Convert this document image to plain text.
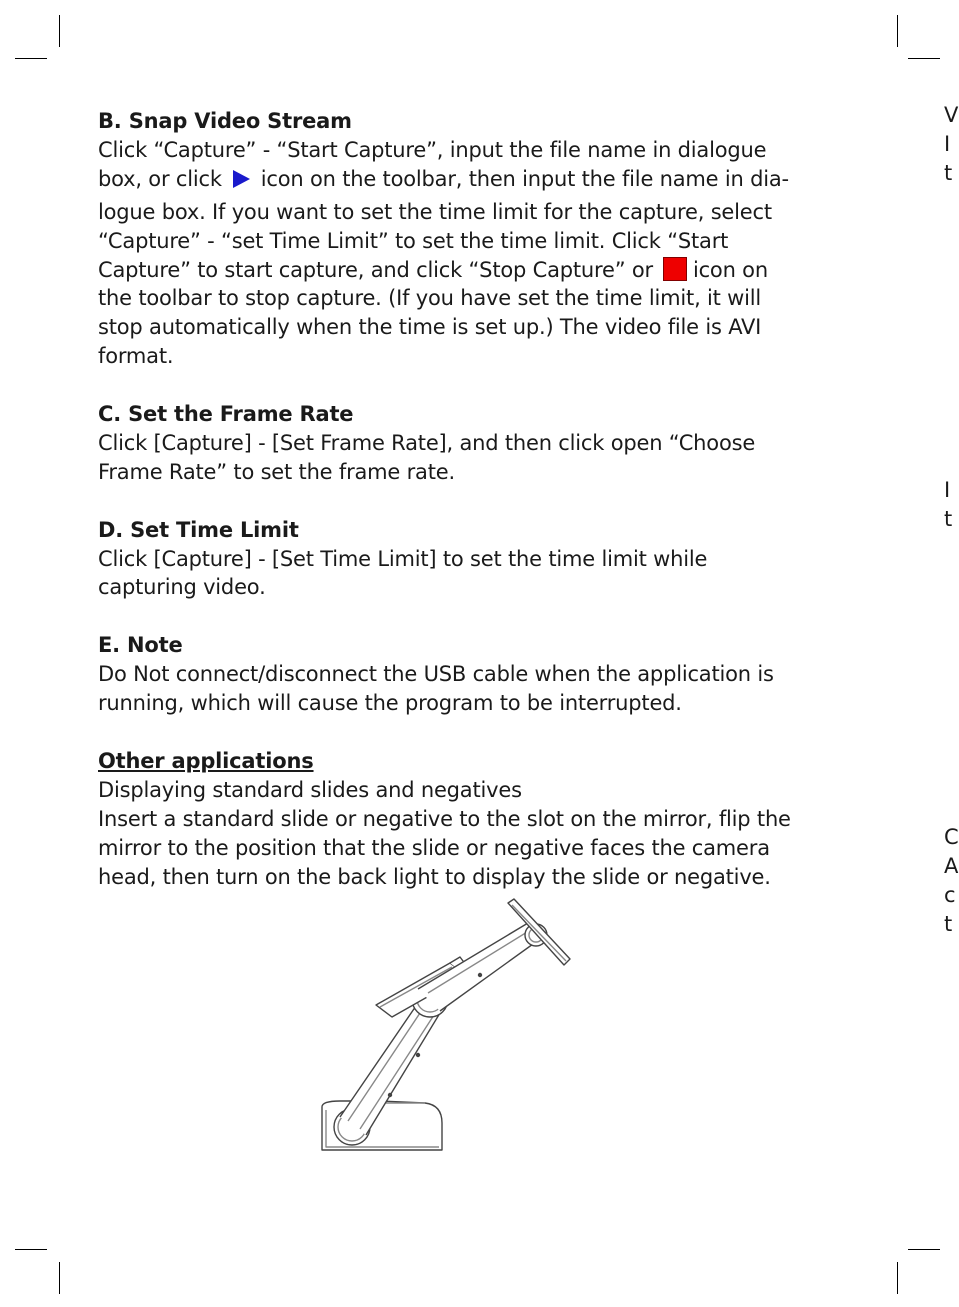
B. Snap Video Stream

Click “Capture” - “Start Capture”, input the file name in dialogue

box, or click icon on the toolbar, then input the file name in dia-

logue box. If you want to set the time limit for the capture, select

“Capture” - “set Time Limit” to set the time limit. Click “Start

Capture” to start capture, and click “Stop Capture” or icon on

the toolbar to stop capture. (If you have set the time limit, it will

stop automatically when the time is set up.) The video file is AVI

format.

C. Set the Frame Rate

Click [Capture] - [Set Frame Rate], and then click open “Choose

Frame Rate” to set the frame rate.

D. Set Time Limit

Click [Capture] - [Set Time Limit] to set the time limit while

capturing video.

E. Note

Do Not connect/disconnect the USB cable when the application is

running, which will cause the program to be interrupted.

Other applications

Displaying standard slides and negatives

Insert a standard slide or negative to the slot on the mirror, flip the

mirror to the position that the slide or negative faces the camera

head, then turn on the back light to display the slide or negative.

V
I
t
I
t
C
A
c
t
